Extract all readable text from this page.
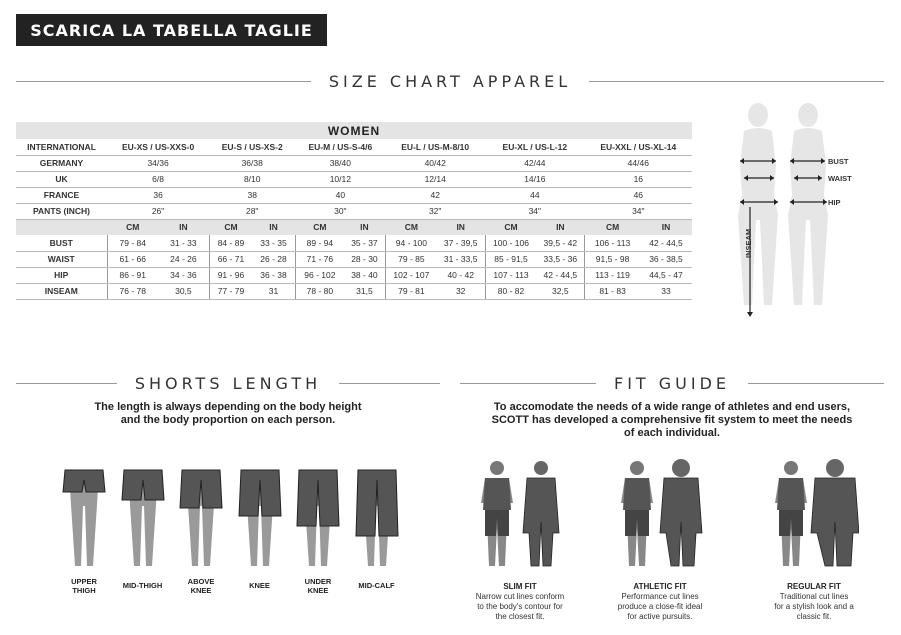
SCARICA LA TABELLA TAGLIE
SIZE CHART APPAREL
WOMEN												
INTERNATIONAL	EU-XS / US-XXS-0		EU-S / US-XS-2		EU-M / US-S-4/6		EU-L / US-M-8/10		EU-XL / US-L-12		EU-XXL / US-XL-14	
GERMANY	34/36		36/38		38/40		40/42		42/44		44/46	
UK	6/8		8/10		10/12		12/14		14/16		16	
FRANCE	36		38		40		42		44		46	
PANTS (INCH)	26"		28"		30"		32"		34"		34"	
	CM	IN	CM	IN	CM	IN	CM	IN	CM	IN	CM	IN
BUST	79 - 84	31 - 33	84 - 89	33 - 35	89 - 94	35 - 37	94 - 100	37 - 39,5	100 - 106	39,5 - 42	106 - 113	42 - 44,5
WAIST	61 - 66	24 - 26	66 - 71	26 - 28	71 - 76	28 - 30	79 - 85	31 - 33,5	85 - 91,5	33,5 - 36	91,5 - 98	36 - 38,5
HIP	86 - 91	34 - 36	91 - 96	36 - 38	96 - 102	38 - 40	102 - 107	40 - 42	107 - 113	42 - 44,5	113 - 119	44,5 - 47
INSEAM	76 - 78	30,5	77 - 79	31	78 - 80	31,5	79 - 81	32	80 - 82	32,5	81 - 83	33
BUST
WAIST
HIP
INSEAM
SHORTS LENGTH
The length is always depending on the body height
and the body proportion on each person.
UPPER
THIGH
MID-THIGH	ABOVE
KNEE
KNEE	UNDER
KNEE
MID-CALF
FIT GUIDE
To accomodate the needs of a wide range of athletes and end users,
SCOTT has developed a comprehensive fit system to meet the needs
of each individual.
SLIM FIT
Narrow cut lines conform
to the body's contour for
the closest fit.
ATHLETIC FIT
Performance cut lines
produce a close-fit ideal
for active pursuits.
REGULAR FIT
Traditional cut lines
for a stylish look and a
classic fit.
